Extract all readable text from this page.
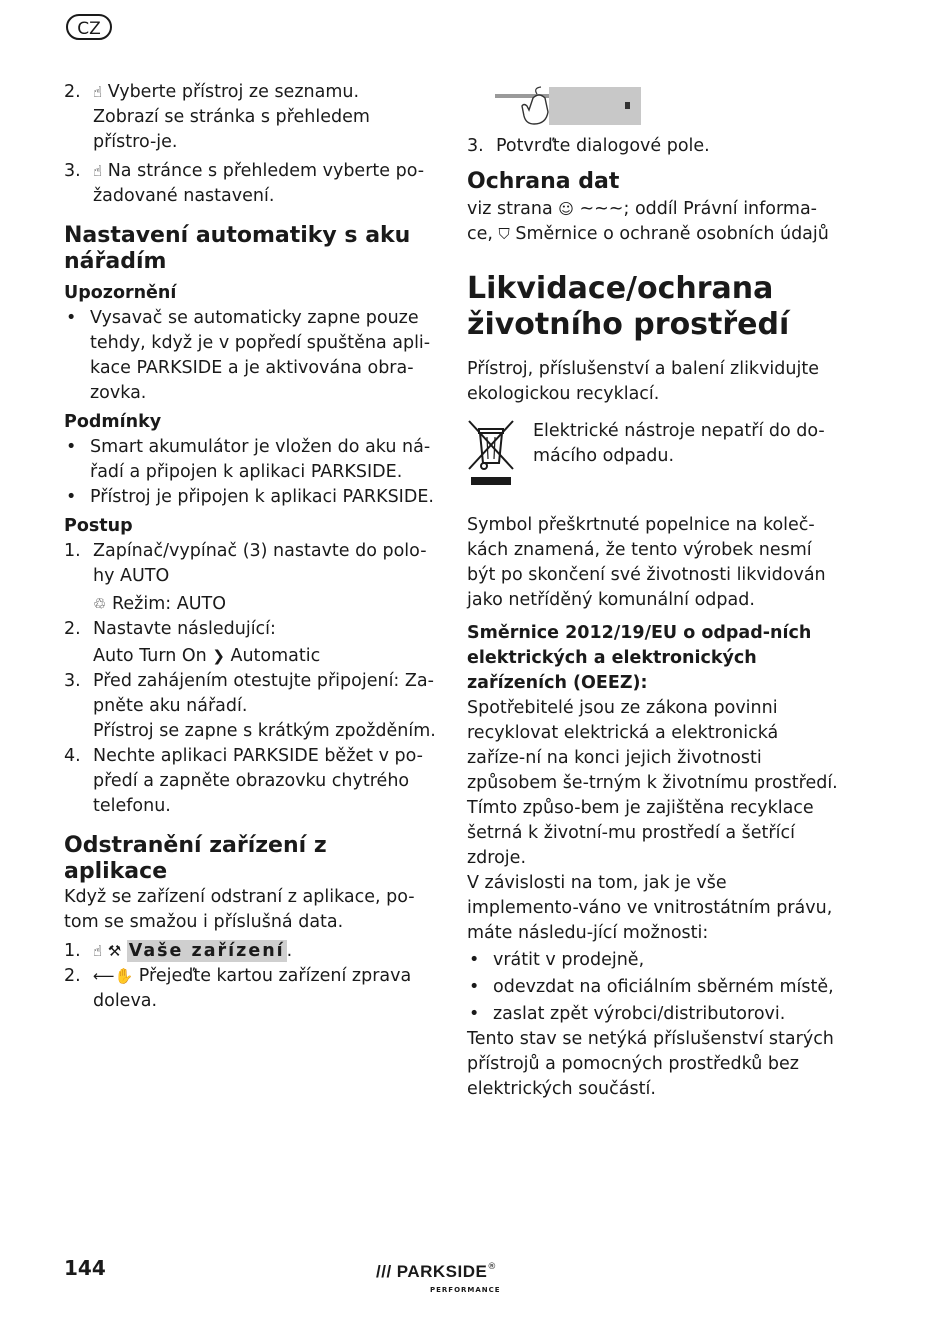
CZ
2. ☝ Vyberte přístroj ze seznamu.

Zobrazí se stránka s přehledem přístro-je.

3. ☝ Na stránce s přehledem vyberte po-žadované nastavení.

Nastavení automatiky s aku nářadím

Upozornění

• Vysavač se automaticky zapne pouze tehdy, když je v popředí spuštěna apli-kace PARKSIDE a je aktivována obra-zovka.

Podmínky

• Smart akumulátor je vložen do aku ná-řadí a připojen k aplikaci PARKSIDE.
• Přístroj je připojen k aplikaci PARKSIDE.

Postup

1. Zapínač/vypínač (3) nastavte do polo-hy AUTO

♲ Režim: AUTO

2. Nastavte následující:

Auto Turn On ❯ Automatic

3. Před zahájením otestujte připojení: Za-pněte aku nářadí.

Přístroj se zapne s krátkým zpožděním.

4. Nechte aplikaci PARKSIDE běžet v po-předí a zapněte obrazovku chytrého telefonu.

Odstranění zařízení z aplikace

Když se zařízení odstraní z aplikace, po-tom se smažou i příslušná data.

1. ☝ ⚒ Vaše zařízení .
2. ⟵✋ Přejeďte kartou zařízení zprava doleva.

3. Potvrďte dialogové pole.

Ochrana dat

viz strana ☺ ~~~; oddíl Právní informa-ce, ⛉ Směrnice o ochraně osobních údajů

Likvidace/ochrana životního prostředí

Přístroj, příslušenství a balení zlikvidujte ekologickou recyklací.

Elektrické nástroje nepatří do do-mácího odpadu.

Symbol přeškrtnuté popelnice na koleč-kách znamená, že tento výrobek nesmí být po skončení své životnosti likvidován jako netříděný komunální odpad.

Směrnice 2012/19/EU o odpad-ních elektrických a elektronických zařízeních (OEEZ):

Spotřebitelé jsou ze zákona povinni recyklovat elektrická a elektronická zaříze-ní na konci jejich životnosti způsobem še-trným k životnímu prostředí. Tímto způso-bem je zajištěna recyklace šetrná k životní-mu prostředí a šetřící zdroje.

V závislosti na tom, jak je vše implemento-váno ve vnitrostátním právu, máte následu-jící možnosti:

• vrátit v prodejně,
• odevzdat na oficiálním sběrném místě,
• zaslat zpět výrobci/distributorovi.

Tento stav se netýká příslušenství starých přístrojů a pomocných prostředků bez elektrických součástí.

144	/// PARKSIDE®
PERFORMANCE
